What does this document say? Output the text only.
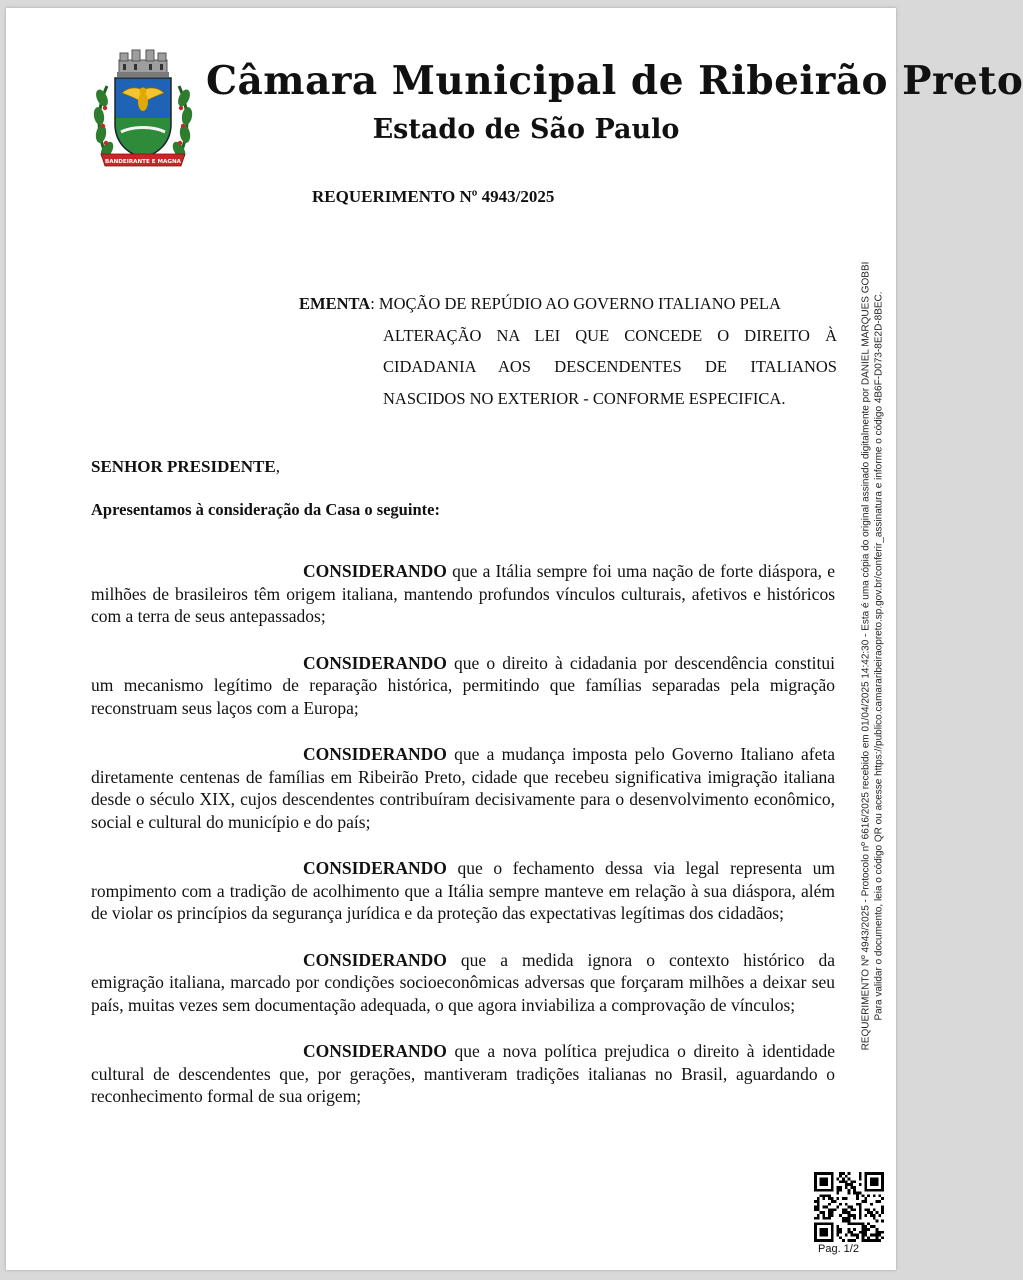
BANDEIRANTE E MAGNA
Câmara Municipal de Ribeirão Preto
Estado de São Paulo
REQUERIMENTO Nº 4943/2025
EMENTA: MOÇÃO DE REPÚDIO AO GOVERNO ITALIANO PELA
ALTERAÇÃO NA LEI QUE CONCEDE O DIREITO À
CIDADANIA AOS DESCENDENTES DE ITALIANOS
NASCIDOS NO EXTERIOR - CONFORME ESPECIFICA.
SENHOR PRESIDENTE,
Apresentamos à consideração da Casa o seguinte:

CONSIDERANDO que a Itália sempre foi uma nação de forte diáspora, e milhões de brasileiros têm origem italiana, mantendo profundos vínculos culturais, afetivos e históricos com a terra de seus antepassados;

CONSIDERANDO que o direito à cidadania por descendência constitui um mecanismo legítimo de reparação histórica, permitindo que famílias separadas pela migração reconstruam seus laços com a Europa;

CONSIDERANDO que a mudança imposta pelo Governo Italiano afeta diretamente centenas de famílias em Ribeirão Preto, cidade que recebeu significativa imigração italiana desde o século XIX, cujos descendentes contribuíram decisivamente para o desenvolvimento econômico, social e cultural do município e do país;

CONSIDERANDO que o fechamento dessa via legal representa um rompimento com a tradição de acolhimento que a Itália sempre manteve em relação à sua diáspora, além de violar os princípios da segurança jurídica e da proteção das expectativas legítimas dos cidadãos;

CONSIDERANDO que a medida ignora o contexto histórico da emigração italiana, marcado por condições socioeconômicas adversas que forçaram milhões a deixar seu país, muitas vezes sem documentação adequada, o que agora inviabiliza a comprovação de vínculos;

CONSIDERANDO que a nova política prejudica o direito à identidade cultural de descendentes que, por gerações, mantiveram tradições italianas no Brasil, aguardando o reconhecimento formal de sua origem;

REQUERIMENTO Nº 4943/2025 - Protocolo nº 6616/2025 recebido em 01/04/2025 14:42:30 - Esta é uma cópia do original assinado digitalmente por DANIEL MARQUES GOBBI Para validar o documento, leia o código QR ou acesse https://publico.camararibeiraopreto.sp.gov.br/conferir_assinatura e informe o código 4B6F-D073-8E2D-8BEC.
Pag. 1/2
